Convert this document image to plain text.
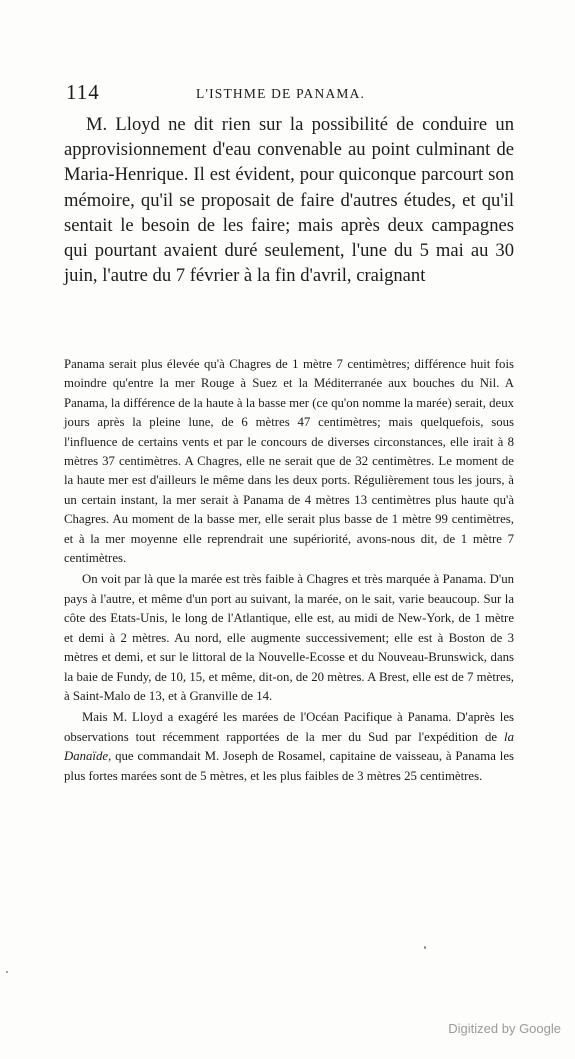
114	L'ISTHME DE PANAMA.

M. Lloyd ne dit rien sur la possibilité de conduire un approvisionnement d'eau convenable au point culminant de Maria-Henrique. Il est évident, pour quiconque parcourt son mémoire, qu'il se proposait de faire d'autres études, et qu'il sentait le besoin de les faire; mais après deux campagnes qui pourtant avaient duré seulement, l'une du 5 mai au 30 juin, l'autre du 7 février à la fin d'avril, craignant

Panama serait plus élevée qu'à Chagres de 1 mètre 7 centimètres; différence huit fois moindre qu'entre la mer Rouge à Suez et la Méditerranée aux bouches du Nil. A Panama, la différence de la haute à la basse mer (ce qu'on nomme la marée) serait, deux jours après la pleine lune, de 6 mètres 47 centimètres; mais quelquefois, sous l'influence de certains vents et par le concours de diverses circonstances, elle irait à 8 mètres 37 centimètres. A Chagres, elle ne serait que de 32 centimètres. Le moment de la haute mer est d'ailleurs le même dans les deux ports. Régulièrement tous les jours, à un certain instant, la mer serait à Panama de 4 mètres 13 centimètres plus haute qu'à Chagres. Au moment de la basse mer, elle serait plus basse de 1 mètre 99 centimètres, et à la mer moyenne elle reprendrait une supériorité, avons-nous dit, de 1 mètre 7 centimètres.

On voit par là que la marée est très faible à Chagres et très marquée à Panama. D'un pays à l'autre, et même d'un port au suivant, la marée, on le sait, varie beaucoup. Sur la côte des Etats-Unis, le long de l'Atlantique, elle est, au midi de New-York, de 1 mètre et demi à 2 mètres. Au nord, elle augmente successivement; elle est à Boston de 3 mètres et demi, et sur le littoral de la Nouvelle-Ecosse et du Nouveau-Brunswick, dans la baie de Fundy, de 10, 15, et même, dit-on, de 20 mètres. A Brest, elle est de 7 mètres, à Saint-Malo de 13, et à Granville de 14.

Mais M. Lloyd a exagéré les marées de l'Océan Pacifique à Panama. D'après les observations tout récemment rapportées de la mer du Sud par l'expédition de la Danaïde, que commandait M. Joseph de Rosamel, capitaine de vaisseau, à Panama les plus fortes marées sont de 5 mètres, et les plus faibles de 3 mètres 25 centimètres.

Digitized by Google
